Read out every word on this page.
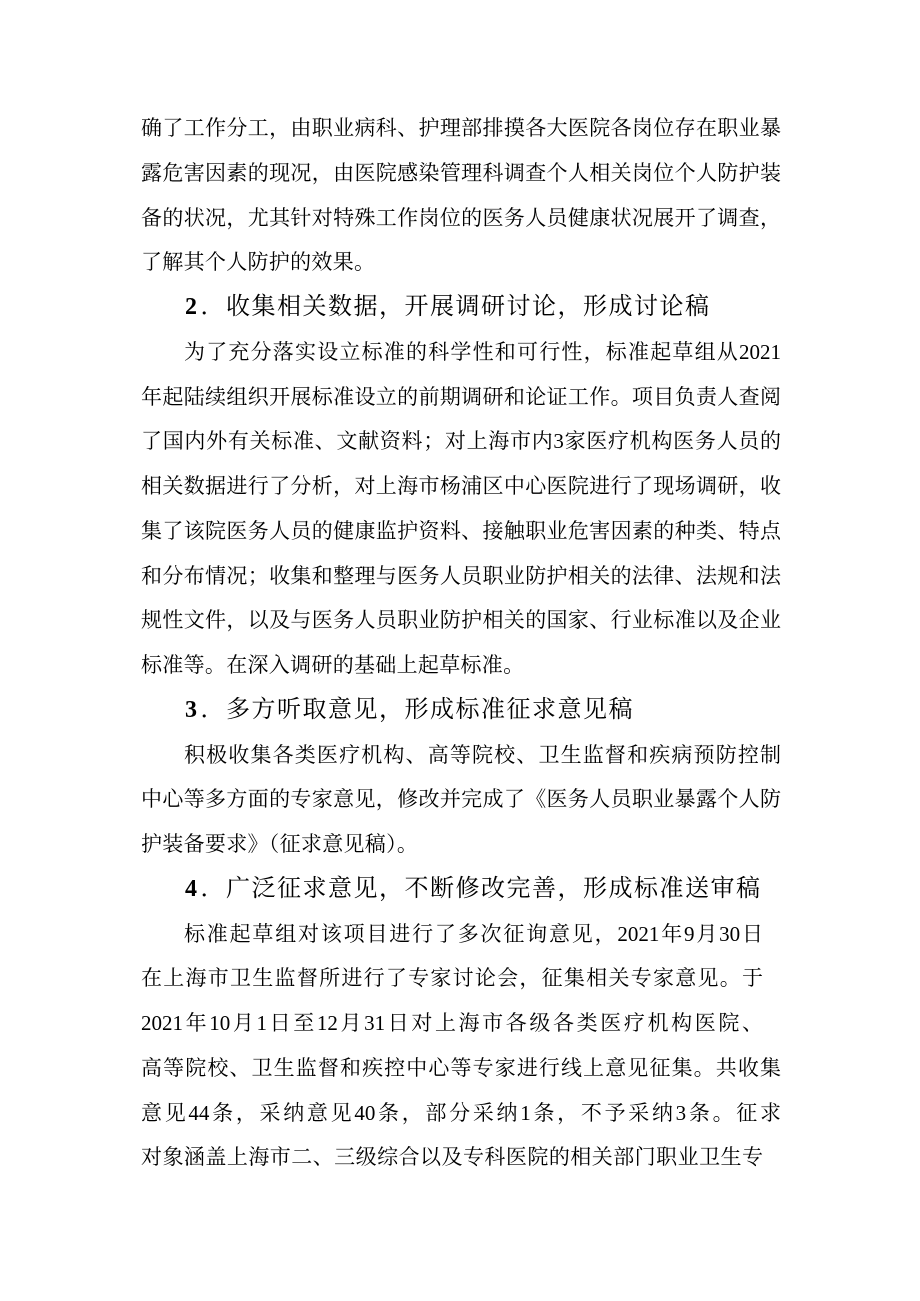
确了工作分工，由职业病科、护理部排摸各大医院各岗位存在职业暴
露危害因素的现况，由医院感染管理科调查个人相关岗位个人防护装
备的状况，尤其针对特殊工作岗位的医务人员健康状况展开了调查，
了解其个人防护的效果。
2．收集相关数据，开展调研讨论，形成讨论稿
为了充分落实设立标准的科学性和可行性，标准起草组从2021
年起陆续组织开展标准设立的前期调研和论证工作。项目负责人查阅
了国内外有关标准、文献资料；对上海市内3家医疗机构医务人员的
相关数据进行了分析，对上海市杨浦区中心医院进行了现场调研，收
集了该院医务人员的健康监护资料、接触职业危害因素的种类、特点
和分布情况；收集和整理与医务人员职业防护相关的法律、法规和法
规性文件，以及与医务人员职业防护相关的国家、行业标准以及企业
标准等。在深入调研的基础上起草标准。
3．多方听取意见，形成标准征求意见稿
积极收集各类医疗机构、高等院校、卫生监督和疾病预防控制
中心等多方面的专家意见，修改并完成了《医务人员职业暴露个人防
护装备要求》（征求意见稿）。
4．广泛征求意见，不断修改完善，形成标准送审稿
标准起草组对该项目进行了多次征询意见，2021年9月30日
在上海市卫生监督所进行了专家讨论会，征集相关专家意见。于
2021年10月1日至12月31日对上海市各级各类医疗机构医院、
高等院校、卫生监督和疾控中心等专家进行线上意见征集。共收集
意见44条，采纳意见40条，部分采纳1条，不予采纳3条。征求
对象涵盖上海市二、三级综合以及专科医院的相关部门职业卫生专
